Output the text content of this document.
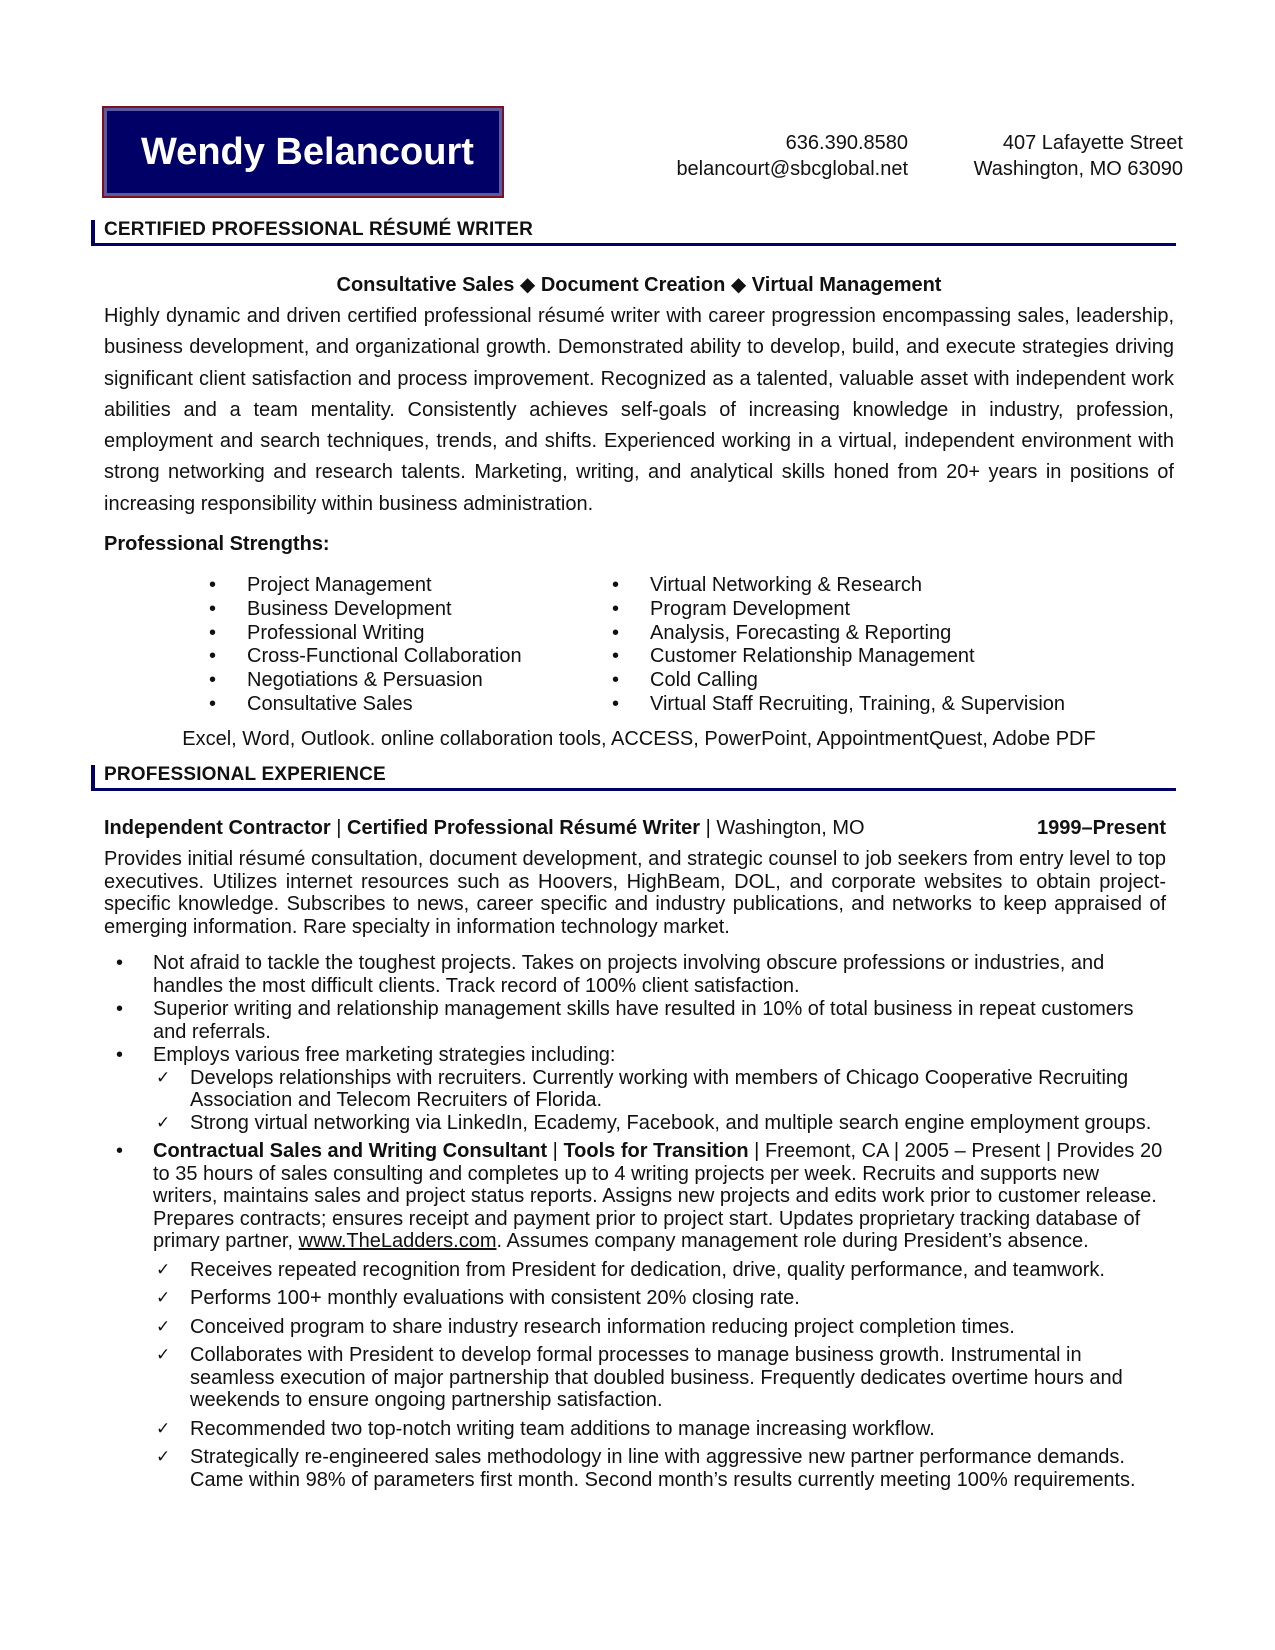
Wendy Belancourt	636.390.8580
belancourt@sbcglobal.net
407 Lafayette Street
Washington, MO 63090
CERTIFIED PROFESSIONAL RÉSUMÉ WRITER
Consultative Sales ◆ Document Creation ◆ Virtual Management

Highly dynamic and driven certified professional résumé writer with career progression encompassing sales, leadership, business development, and organizational growth. Demonstrated ability to develop, build, and execute strategies driving significant client satisfaction and process improvement. Recognized as a talented, valuable asset with independent work abilities and a team mentality. Consistently achieves self-goals of increasing knowledge in industry, profession, employment and search techniques, trends, and shifts. Experienced working in a virtual, independent environment with strong networking and research talents. Marketing, writing, and analytical skills honed from 20+ years in positions of increasing responsibility within business administration.

Professional Strengths:
• Project Management
• Business Development
• Professional Writing
• Cross-Functional Collaboration
• Negotiations & Persuasion
• Consultative Sales
• Virtual Networking & Research
• Program Development
• Analysis, Forecasting & Reporting
• Customer Relationship Management
• Cold Calling
• Virtual Staff Recruiting, Training, & Supervision
Excel, Word, Outlook. online collaboration tools, ACCESS, PowerPoint, AppointmentQuest, Adobe PDF
PROFESSIONAL EXPERIENCE
Independent Contractor | Certified Professional Résumé Writer | Washington, MO	1999–Present

Provides initial résumé consultation, document development, and strategic counsel to job seekers from entry level to top executives. Utilizes internet resources such as Hoovers, HighBeam, DOL, and corporate websites to obtain project-specific knowledge. Subscribes to news, career specific and industry publications, and networks to keep appraised of emerging information. Rare specialty in information technology market.

• Not afraid to tackle the toughest projects. Takes on projects involving obscure professions or industries, and handles the most difficult clients. Track record of 100% client satisfaction.
• Superior writing and relationship management skills have resulted in 10% of total business in repeat customers and referrals.
• Employs various free marketing strategies including:
✓ Develops relationships with recruiters. Currently working with members of Chicago Cooperative Recruiting Association and Telecom Recruiters of Florida.
✓ Strong virtual networking via LinkedIn, Ecademy, Facebook, and multiple search engine employment groups.
• Contractual Sales and Writing Consultant | Tools for Transition | Freemont, CA | 2005 – Present | Provides 20 to 35 hours of sales consulting and completes up to 4 writing projects per week. Recruits and supports new writers, maintains sales and project status reports. Assigns new projects and edits work prior to customer release. Prepares contracts; ensures receipt and payment prior to project start. Updates proprietary tracking database of primary partner, www.TheLadders.com. Assumes company management role during President’s absence.
✓ Receives repeated recognition from President for dedication, drive, quality performance, and teamwork.
✓ Performs 100+ monthly evaluations with consistent 20% closing rate.
✓ Conceived program to share industry research information reducing project completion times.
✓ Collaborates with President to develop formal processes to manage business growth. Instrumental in seamless execution of major partnership that doubled business. Frequently dedicates overtime hours and weekends to ensure ongoing partnership satisfaction.
✓ Recommended two top-notch writing team additions to manage increasing workflow.
✓ Strategically re-engineered sales methodology in line with aggressive new partner performance demands. Came within 98% of parameters first month. Second month’s results currently meeting 100% requirements.
